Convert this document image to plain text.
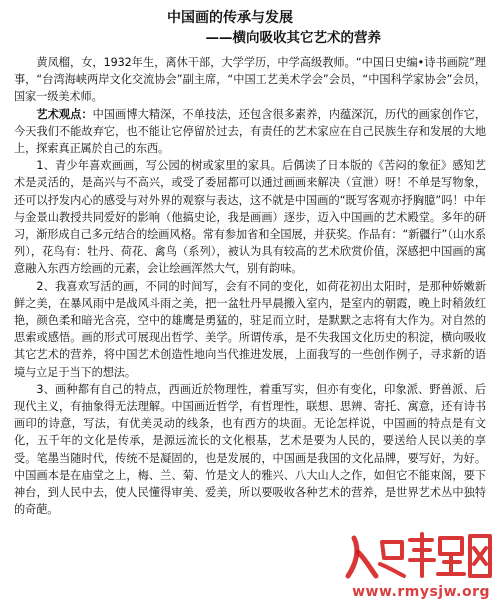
中国画的传承与发展
——横向吸收其它艺术的营养

黄凤榴，女，1932年生，离休干部，大学学历，中学高级教师。“中国日史编•诗书画院”理事，“台湾海峡两岸文化交流协会”副主席，“中国工艺美术学会”会员，“中国科学家协会”会员，国家一级美术师。

艺术观点：中国画博大精深，不单技法，还包含很多素养，内蕴深沉，历代的画家创作它，今天我们不能故弃它，也不能让它停留於过去，有责任的艺术家应在自己民族生存和发展的大地上，探索真正属於自己的东西。

1、青少年喜欢画画，写公园的树或家里的家具。后偶读了日本版的《苦闷的象征》感知艺术是灵活的，是高兴与不高兴，或受了委屈都可以通过画画来解决（宣泄）呀！不单是写物象，还可以抒发内心的感受与对外界的观察与表达，这不就是中国画的“既写客观亦抒胸臆”吗！中年与金景山教授共同爱好的影响（他搞史论，我是画画）逐步，迈入中国画的艺术殿堂。多年的研习，渐形成自己多元结合的绘画风格。常有参加省和全国展，并获奖。作品有：“新疆行”（山水系列），花鸟有：牡丹、荷花、禽鸟（系列），被认为具有较高的艺术欣赏价值，深感把中国画的寓意融入东西方绘画的元素，会让绘画浑然大气，别有韵味。

2、我喜欢写活的画，不同的时间写，会有不同的变化，如荷花初出太阳时，是那种娇嫩新鲜之美，在暴风雨中是战风斗雨之美，把一盆牡丹早晨搬入室内，是室内的朝霞，晚上时稍敛红艳，颜色柔和暗光含亮，空中的雄鹰是勇猛的，驻足而立时，是默默之志将有大作为。对自然的思索或感悟。画的形式可展现出哲学、美学。所谓传承，是不失我国文化历史的积淀，横向吸收其它艺术的营养，将中国艺术创造性地向当代推进发展，上面我写的一些创作例子，寻求新的语境与立足于当下的想法。

3、画种都有自己的特点，西画近於物理性，着重写实，但亦有变化，印象派、野兽派、后现代主义，有抽象得无法理解。中国画近哲学，有哲理性，联想、思辨、寄托、寓意，还有诗书画印的诗意，写法，有优美灵动的线条，也有西方的块面。无论怎样说，中国画的特点是有文化，五千年的文化是传承，是源远流长的文化根基，艺术是要为人民的，要送给人民以美的享受。笔墨当随时代，传统不是凝固的，也是发展的，中国画是我国的文化品牌，要写好，为好。中国画本是在庙堂之上，梅、兰、菊、竹是文人的雅兴、八大山人之作，如但它不能束阁，要下神台，到人民中去，使人民懂得审美、爱美，所以要吸收各种艺术的营养，是世界艺术丛中独特的奇葩。

www.rmysjw.org
